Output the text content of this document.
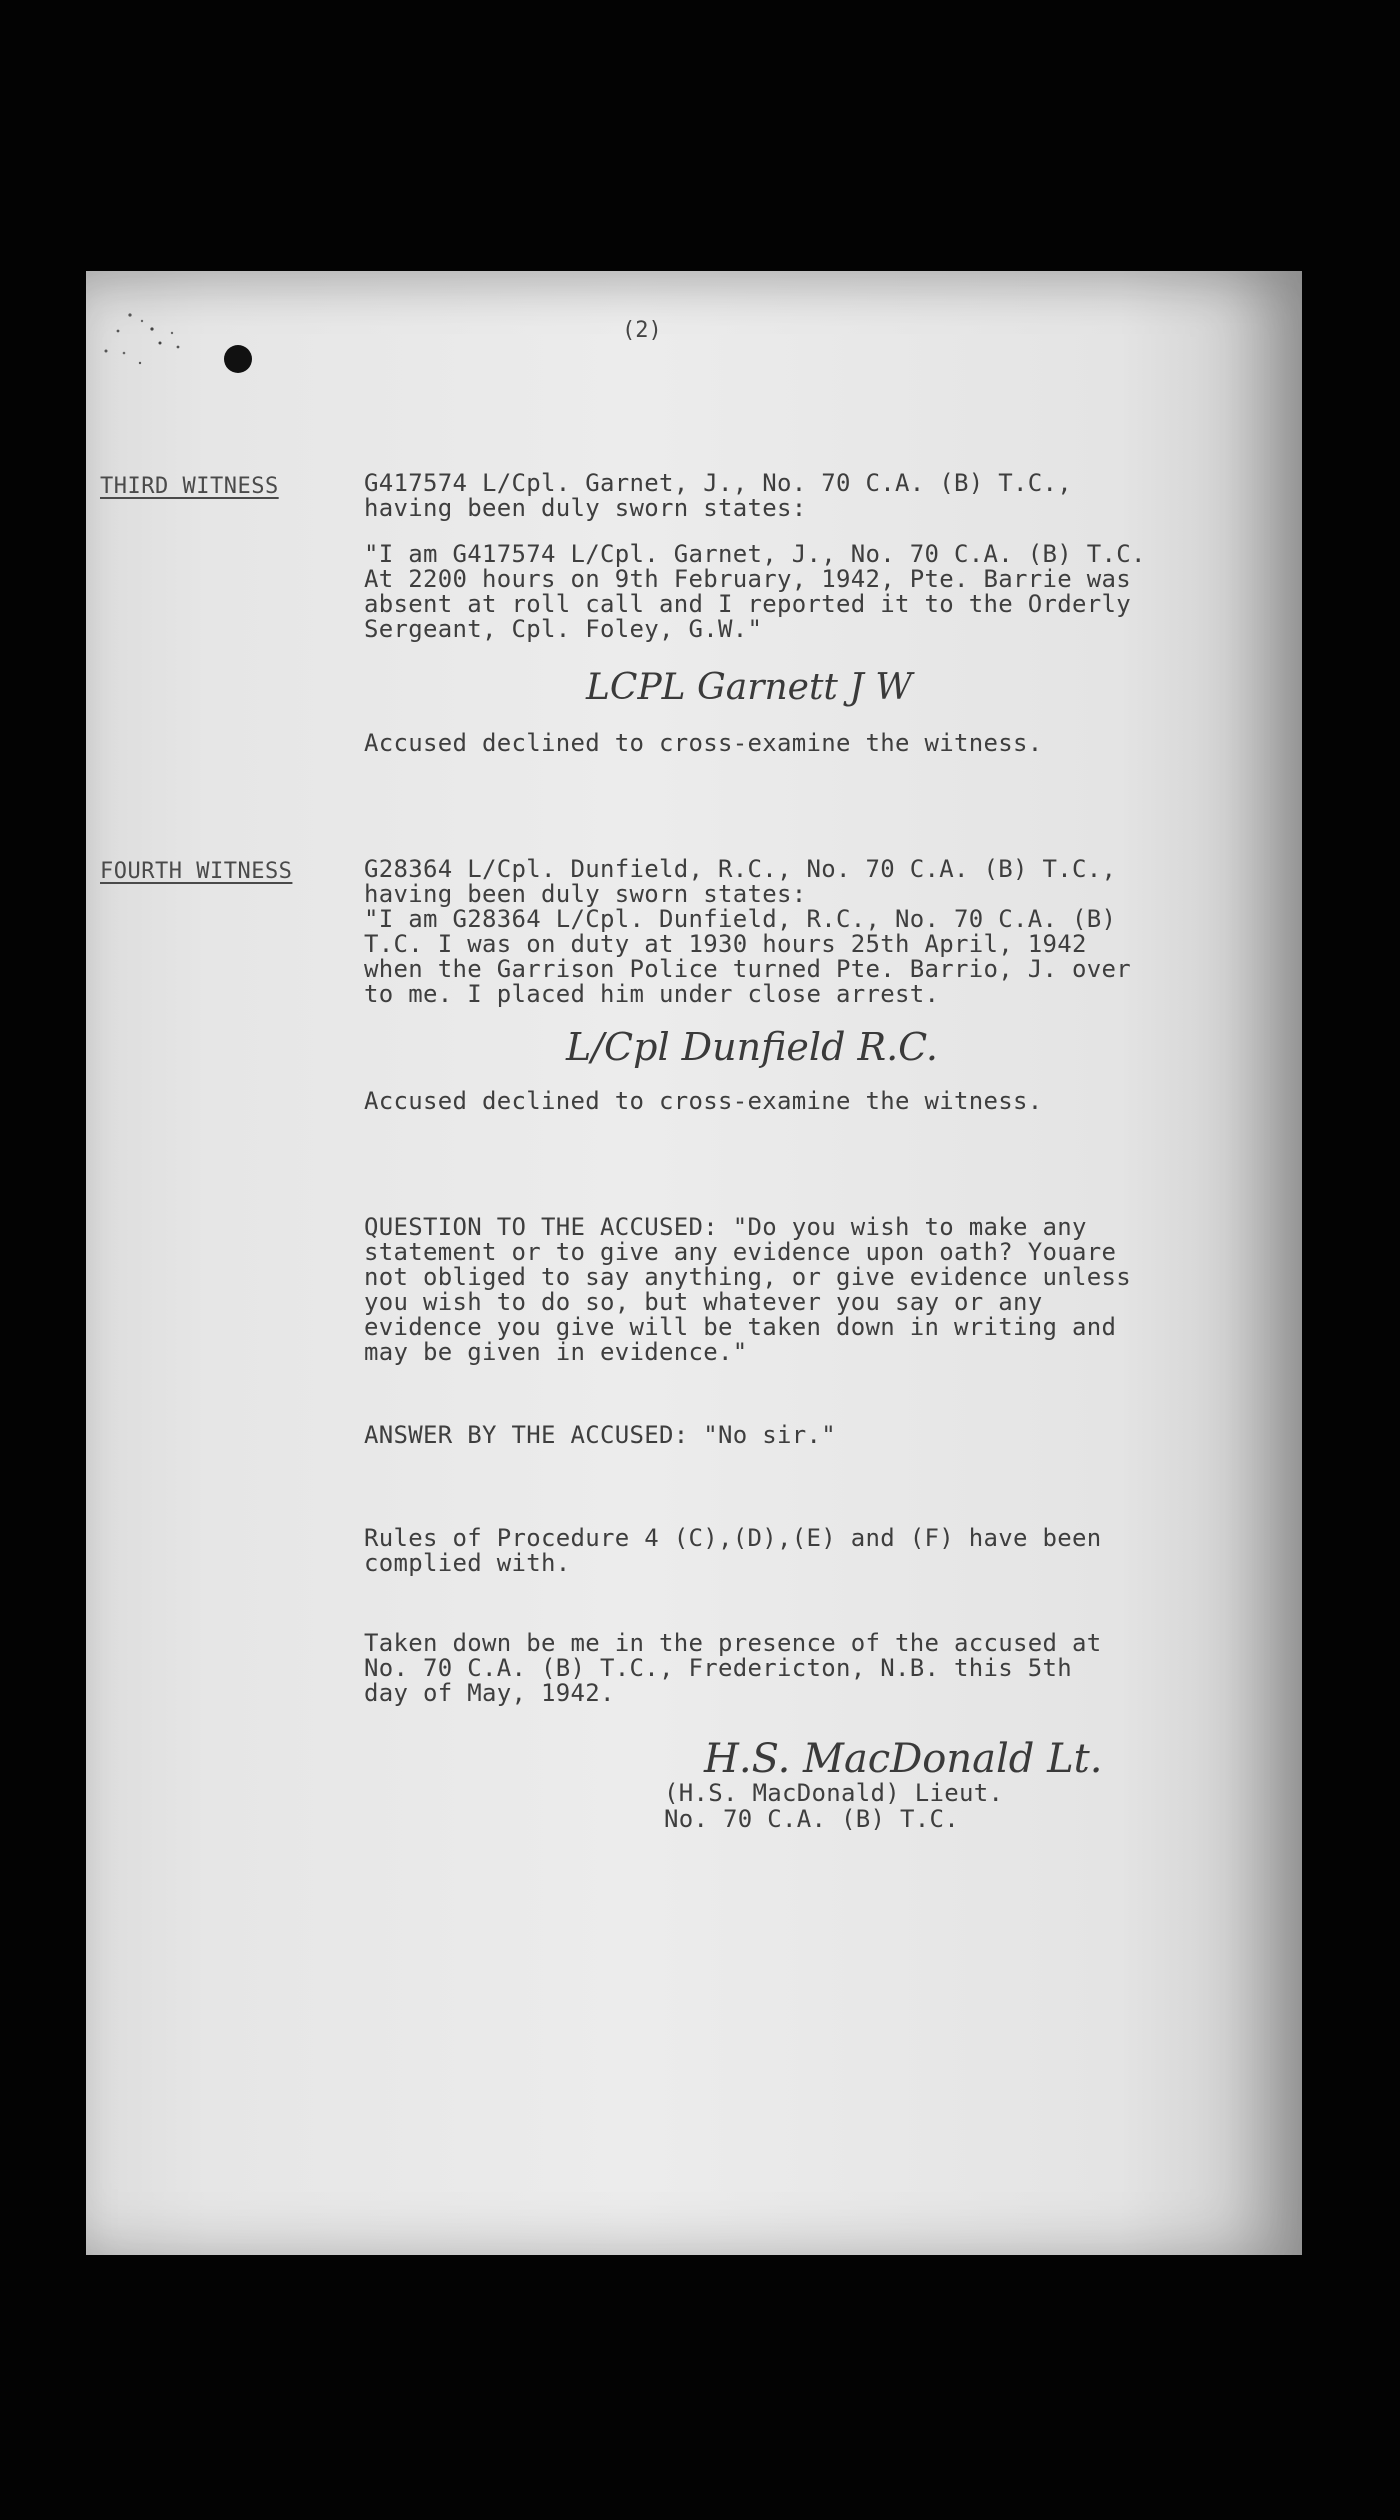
(2)
THIRD WITNESS	G417574 L/Cpl. Garnet, J., No. 70 C.A. (B) T.C.,
having been duly sworn states:

"I am G417574 L/Cpl. Garnet, J., No. 70 C.A. (B) T.C.
At 2200 hours on 9th February, 1942, Pte. Barrie was
absent at roll call and I reported it to the Orderly
Sergeant, Cpl. Foley, G.W."

LCPL Garnett J W

Accused declined to cross-examine the witness.

FOURTH WITNESS	G28364 L/Cpl. Dunfield, R.C., No. 70 C.A. (B) T.C.,
having been duly sworn states:

"I am G28364 L/Cpl. Dunfield, R.C., No. 70 C.A. (B)
T.C. I was on duty at 1930 hours 25th April, 1942
when the Garrison Police turned Pte. Barrio, J. over
to me. I placed him under close arrest.

L/Cpl Dunfield R.C.

Accused declined to cross-examine the witness.

QUESTION TO THE ACCUSED: "Do you wish to make any
statement or to give any evidence upon oath? Youare
not obliged to say anything, or give evidence unless
you wish to do so, but whatever you say or any
evidence you give will be taken down in writing and
may be given in evidence."

ANSWER BY THE ACCUSED: "No sir."

Rules of Procedure 4 (C),(D),(E) and (F) have been
complied with.

Taken down be me in the presence of the accused at
No. 70 C.A. (B) T.C., Fredericton, N.B. this 5th
day of May, 1942.

H.S. MacDonald Lt.

(H.S. MacDonald) Lieut.

No. 70 C.A. (B) T.C.
